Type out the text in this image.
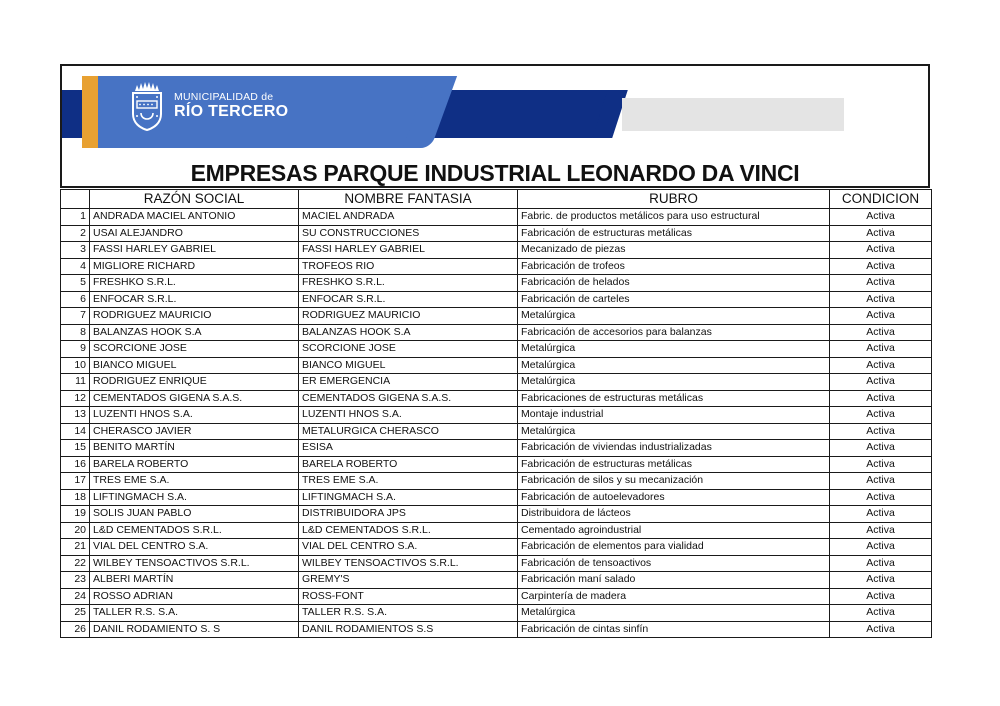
MUNICIPALIDAD de
RÍO TERCERO
EMPRESAS PARQUE INDUSTRIAL LEONARDO DA VINCI
	RAZÓN SOCIAL	NOMBRE FANTASIA	RUBRO	CONDICION
1	ANDRADA MACIEL ANTONIO	MACIEL ANDRADA	Fabric. de productos metálicos para uso estructural	Activa
2	USAI ALEJANDRO	SU CONSTRUCCIONES	Fabricación de estructuras metálicas	Activa
3	FASSI HARLEY GABRIEL	FASSI HARLEY GABRIEL	Mecanizado de piezas	Activa
4	MIGLIORE RICHARD	TROFEOS RIO	Fabricación de trofeos	Activa
5	FRESHKO S.R.L.	FRESHKO S.R.L.	Fabricación de helados	Activa
6	ENFOCAR S.R.L.	ENFOCAR S.R.L.	Fabricación de carteles	Activa
7	RODRIGUEZ MAURICIO	RODRIGUEZ MAURICIO	Metalúrgica	Activa
8	BALANZAS HOOK S.A	BALANZAS HOOK S.A	Fabricación de accesorios para balanzas	Activa
9	SCORCIONE JOSE	SCORCIONE JOSE	Metalúrgica	Activa
10	BIANCO MIGUEL	BIANCO MIGUEL	Metalúrgica	Activa
11	RODRIGUEZ ENRIQUE	ER EMERGENCIA	Metalúrgica	Activa
12	CEMENTADOS GIGENA S.A.S.	CEMENTADOS GIGENA S.A.S.	Fabricaciones de estructuras metálicas	Activa
13	LUZENTI HNOS S.A.	LUZENTI HNOS S.A.	Montaje industrial	Activa
14	CHERASCO JAVIER	METALURGICA CHERASCO	Metalúrgica	Activa
15	BENITO MARTÍN	ESISA	Fabricación de viviendas industrializadas	Activa
16	BARELA ROBERTO	BARELA ROBERTO	Fabricación de estructuras metálicas	Activa
17	TRES EME S.A.	TRES EME S.A.	Fabricación de silos y su mecanización	Activa
18	LIFTINGMACH S.A.	LIFTINGMACH S.A.	Fabricación de autoelevadores	Activa
19	SOLIS JUAN PABLO	DISTRIBUIDORA JPS	Distribuidora de lácteos	Activa
20	L&D CEMENTADOS S.R.L.	L&D CEMENTADOS S.R.L.	Cementado agroindustrial	Activa
21	VIAL DEL CENTRO S.A.	VIAL DEL CENTRO S.A.	Fabricación de elementos para vialidad	Activa
22	WILBEY TENSOACTIVOS S.R.L.	WILBEY TENSOACTIVOS S.R.L.	Fabricación de tensoactivos	Activa
23	ALBERI MARTÍN	GREMY'S	Fabricación maní salado	Activa
24	ROSSO ADRIAN	ROSS-FONT	Carpintería de madera	Activa
25	TALLER R.S. S.A.	TALLER R.S. S.A.	Metalúrgica	Activa
26	DANIL RODAMIENTO S. S	DANIL RODAMIENTOS S.S	Fabricación de cintas sinfín	Activa
